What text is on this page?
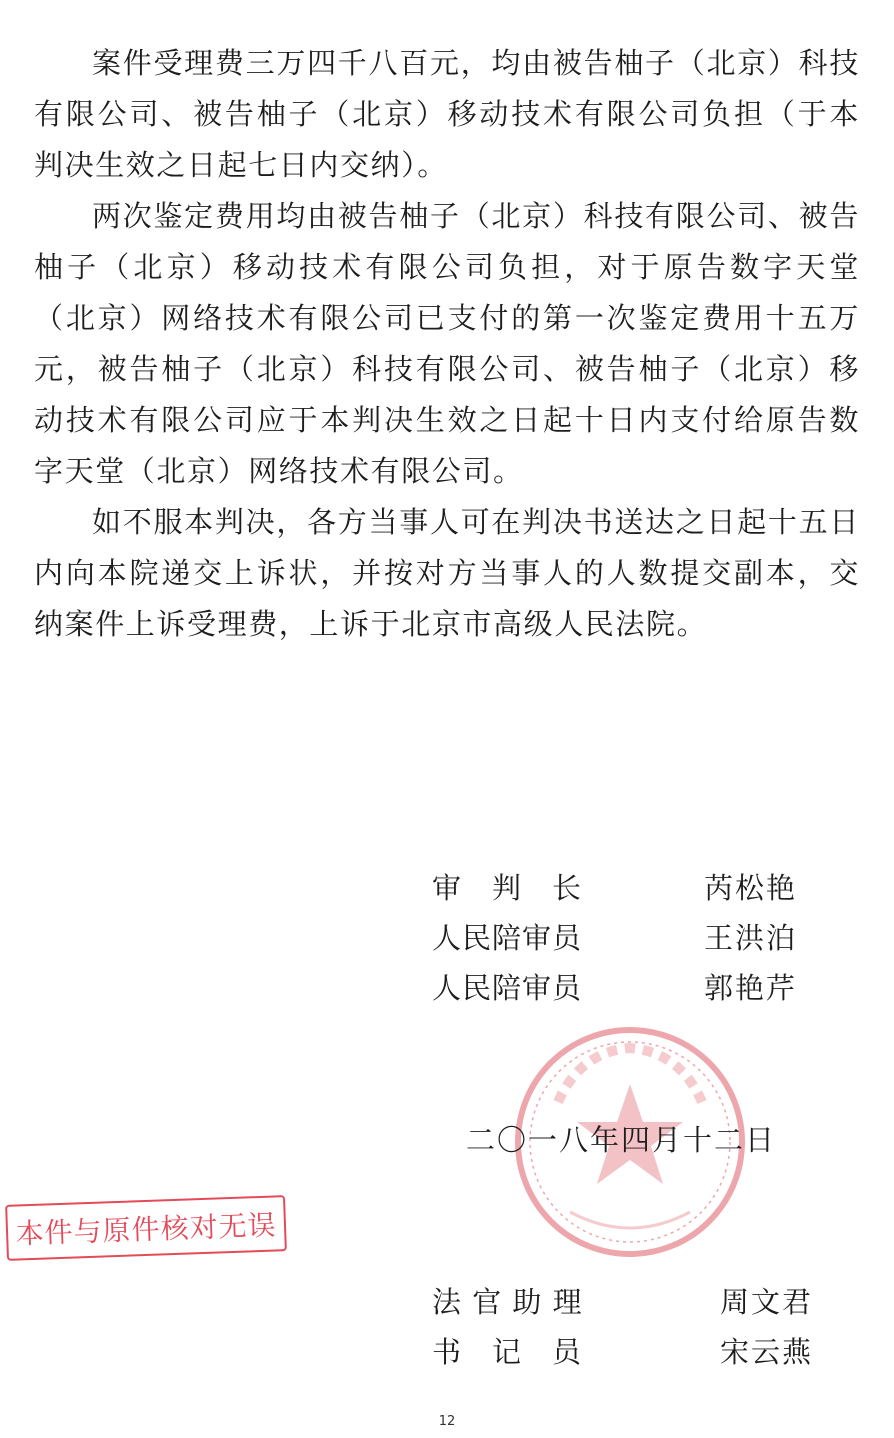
案件受理费三万四千八百元，均由被告柚子（北京）科技有限公司、被告柚子（北京）移动技术有限公司负担（于本判决生效之日起七日内交纳）。

两次鉴定费用均由被告柚子（北京）科技有限公司、被告柚子（北京）移动技术有限公司负担，对于原告数字天堂（北京）网络技术有限公司已支付的第一次鉴定费用十五万元，被告柚子（北京）科技有限公司、被告柚子（北京）移动技术有限公司应于本判决生效之日起十日内支付给原告数字天堂（北京）网络技术有限公司。

如不服本判决，各方当事人可在判决书送达之日起十五日内向本院递交上诉状，并按对方当事人的人数提交副本，交纳案件上诉受理费，上诉于北京市高级人民法院。

审　判　长	芮松艳
人民陪审员	王洪泊
人民陪审员	郭艳芹
二〇一八年四月十二日
法 官 助 理	周文君
书　记　员	宋云燕
本件与原件核对无误
12
